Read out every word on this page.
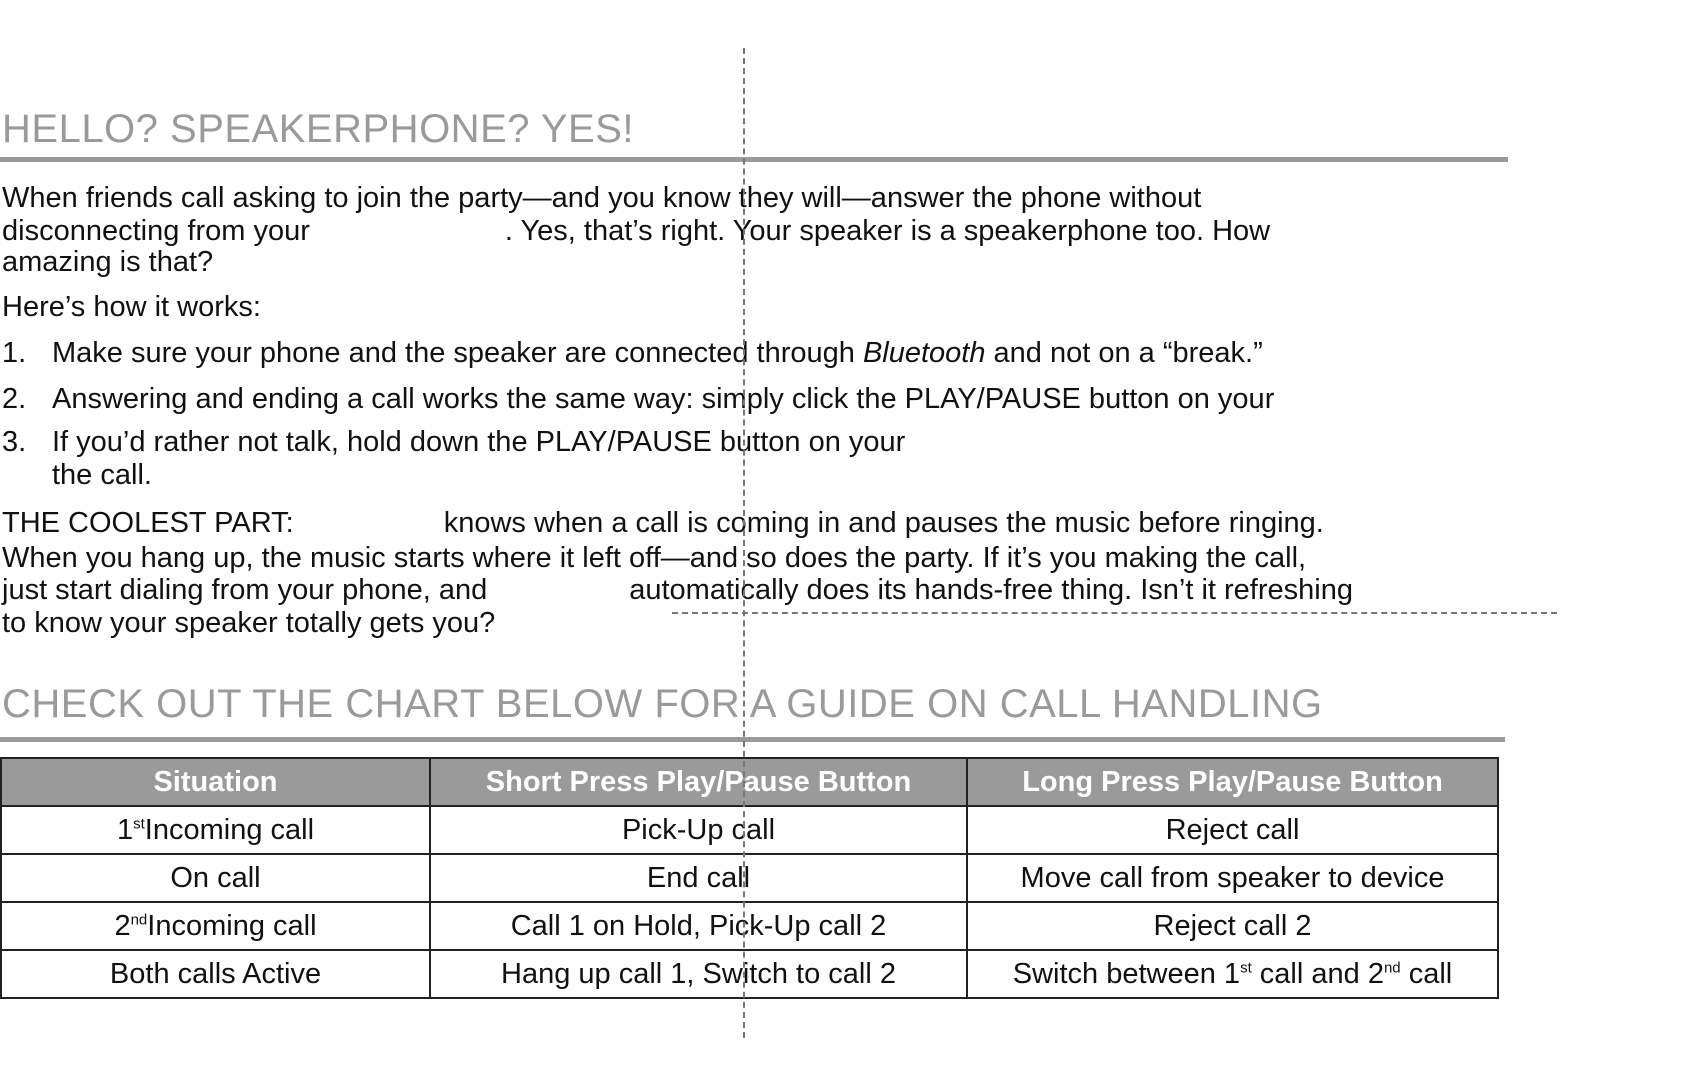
HELLO? SPEAKERPHONE? YES!

When friends call asking to join the party—and you know they will—answer the phone without

disconnecting from your	. Yes, that’s right. Your speaker is a speakerphone too. How

amazing is that?

Here’s how it works:

1. Make sure your phone and the speaker are connected through Bluetooth and not on a “break.”

2. Answering and ending a call works the same way: simply click the PLAY/PAUSE button on your

3. If you’d rather not talk, hold down the PLAY/PAUSE button on your

the call.

THE COOLEST PART:	knows when a call is coming in and pauses the music before ringing.

When you hang up, the music starts where it left off—and so does the party. If it’s you making the call,

just start dialing from your phone, and	automatically does its hands-free thing. Isn’t it refreshing

to know your speaker totally gets you?

CHECK OUT THE CHART BELOW FOR A GUIDE ON CALL HANDLING
Situation	Short Press Play/Pause Button	Long Press Play/Pause Button
1stIncoming call	Pick-Up call	Reject call
On call	End call	Move call from speaker to device
2ndIncoming call	Call 1 on Hold, Pick-Up call 2	Reject call 2
Both calls Active	Hang up call 1, Switch to call 2	Switch between 1st call and 2nd call
